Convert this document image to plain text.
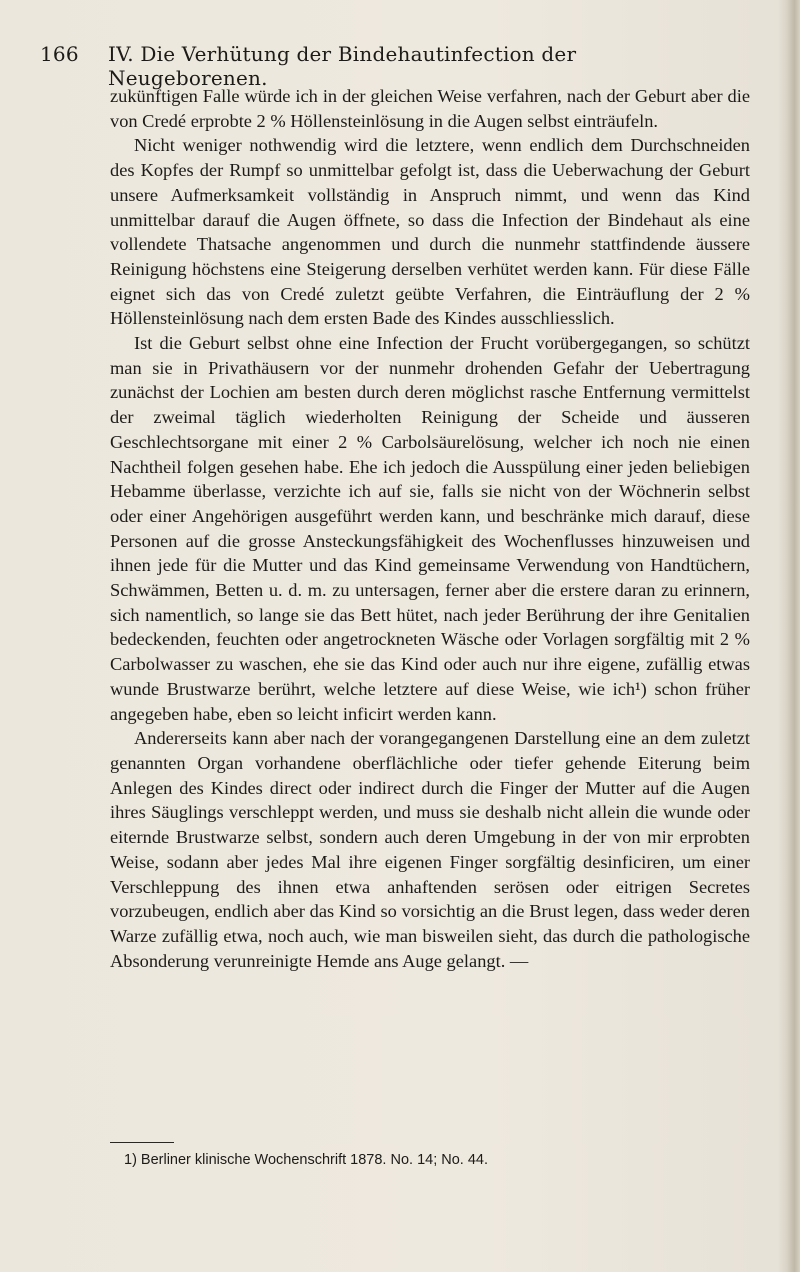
166 IV. Die Verhütung der Bindehautinfection der Neugeborenen.

zukünftigen Falle würde ich in der gleichen Weise verfahren, nach der Geburt aber die von Credé erprobte 2 % Höllensteinlösung in die Augen selbst einträufeln.

Nicht weniger nothwendig wird die letztere, wenn endlich dem Durchschneiden des Kopfes der Rumpf so unmittelbar gefolgt ist, dass die Ueberwachung der Geburt unsere Aufmerksamkeit vollständig in Anspruch nimmt, und wenn das Kind unmittelbar darauf die Augen öffnete, so dass die Infection der Bindehaut als eine vollendete Thatsache angenommen und durch die nunmehr stattfindende äussere Reinigung höchstens eine Steigerung derselben verhütet werden kann. Für diese Fälle eignet sich das von Credé zuletzt geübte Verfahren, die Einträuflung der 2 % Höllensteinlösung nach dem ersten Bade des Kindes ausschliesslich.

Ist die Geburt selbst ohne eine Infection der Frucht vorübergegangen, so schützt man sie in Privathäusern vor der nunmehr drohenden Gefahr der Uebertragung zunächst der Lochien am besten durch deren möglichst rasche Entfernung vermittelst der zweimal täglich wiederholten Reinigung der Scheide und äusseren Geschlechtsorgane mit einer 2 % Carbolsäurelösung, welcher ich noch nie einen Nachtheil folgen gesehen habe. Ehe ich jedoch die Ausspülung einer jeden beliebigen Hebamme überlasse, verzichte ich auf sie, falls sie nicht von der Wöchnerin selbst oder einer Angehörigen ausgeführt werden kann, und beschränke mich darauf, diese Personen auf die grosse Ansteckungsfähigkeit des Wochenflusses hinzuweisen und ihnen jede für die Mutter und das Kind gemeinsame Verwendung von Handtüchern, Schwämmen, Betten u. d. m. zu untersagen, ferner aber die erstere daran zu erinnern, sich namentlich, so lange sie das Bett hütet, nach jeder Berührung der ihre Genitalien bedeckenden, feuchten oder angetrockneten Wäsche oder Vorlagen sorgfältig mit 2 % Carbolwasser zu waschen, ehe sie das Kind oder auch nur ihre eigene, zufällig etwas wunde Brustwarze berührt, welche letztere auf diese Weise, wie ich¹) schon früher angegeben habe, eben so leicht inficirt werden kann.

Andererseits kann aber nach der vorangegangenen Darstellung eine an dem zuletzt genannten Organ vorhandene oberflächliche oder tiefer gehende Eiterung beim Anlegen des Kindes direct oder indirect durch die Finger der Mutter auf die Augen ihres Säuglings verschleppt werden, und muss sie deshalb nicht allein die wunde oder eiternde Brustwarze selbst, sondern auch deren Umgebung in der von mir erprobten Weise, sodann aber jedes Mal ihre eigenen Finger sorgfältig desinficiren, um einer Verschleppung des ihnen etwa anhaftenden serösen oder eitrigen Secretes vorzubeugen, endlich aber das Kind so vorsichtig an die Brust legen, dass weder deren Warze zufällig etwa, noch auch, wie man bisweilen sieht, das durch die pathologische Absonderung verunreinigte Hemde ans Auge gelangt. —

1) Berliner klinische Wochenschrift 1878. No. 14; No. 44.
